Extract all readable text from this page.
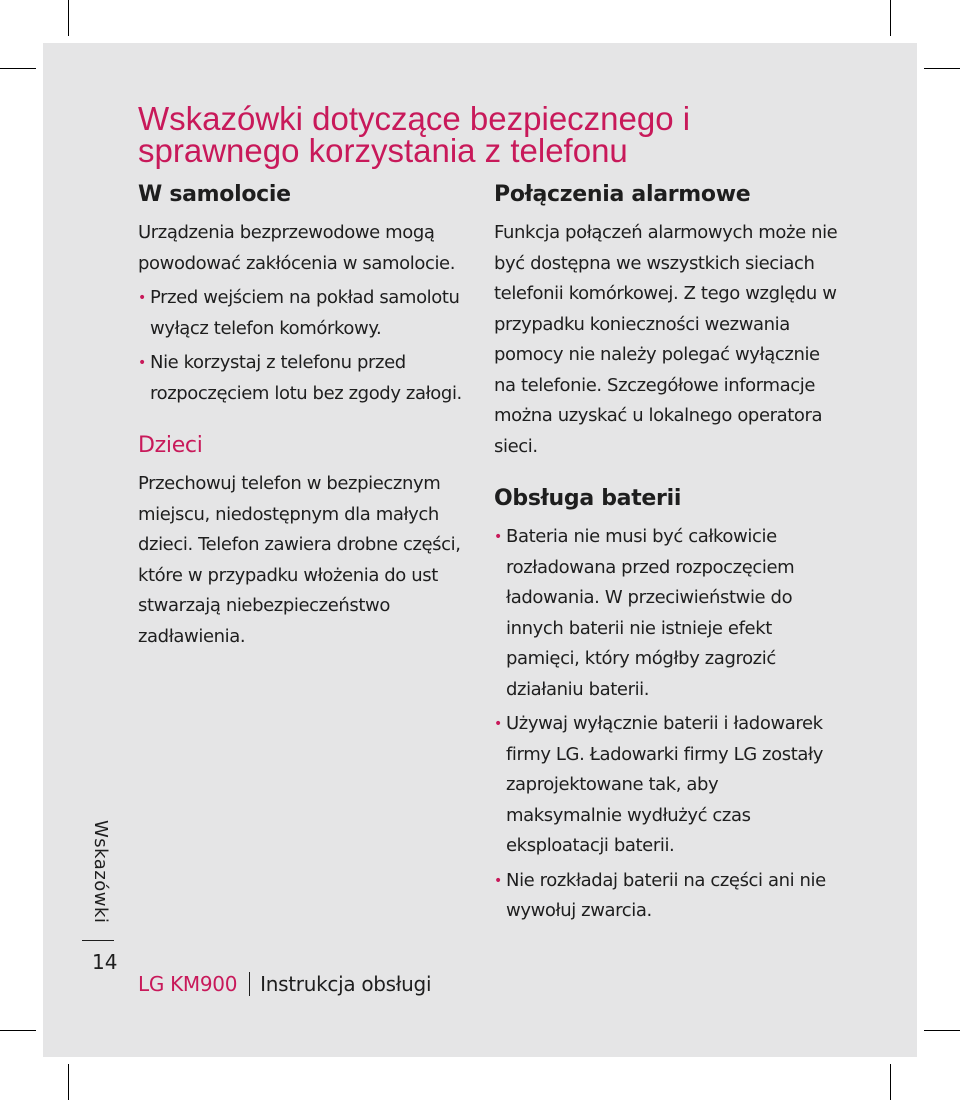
Wskazówki dotyczące bezpiecznego i sprawnego korzystania z telefonu
W samolocie

Urządzenia bezprzewodowe mogą powodować zakłócenia w samolocie.

• Przed wejściem na pokład samolotu wyłącz telefon komórkowy.
• Nie korzystaj z telefonu przed rozpoczęciem lotu bez zgody załogi.
Dzieci

Przechowuj telefon w bezpiecznym miejscu, niedostępnym dla małych dzieci. Telefon zawiera drobne części, które w przypadku włożenia do ust stwarzają niebezpieczeństwo zadławienia.

Połączenia alarmowe

Funkcja połączeń alarmowych może nie być dostępna we wszystkich sieciach telefonii komórkowej. Z tego względu w przypadku konieczności wezwania pomocy nie należy polegać wyłącznie na telefonie. Szczegółowe informacje można uzyskać u lokalnego operatora sieci.

Obsługa baterii
• Bateria nie musi być całkowicie rozładowana przed rozpoczęciem ładowania. W przeciwieństwie do innych baterii nie istnieje efekt pamięci, który mógłby zagrozić działaniu baterii.
• Używaj wyłącznie baterii i ładowarek firmy LG. Ładowarki firmy LG zostały zaprojektowane tak, aby maksymalnie wydłużyć czas eksploatacji baterii.
• Nie rozkładaj baterii na części ani nie wywołuj zwarcia.
Wskazówki
14
LG KM900 Instrukcja obsługi
